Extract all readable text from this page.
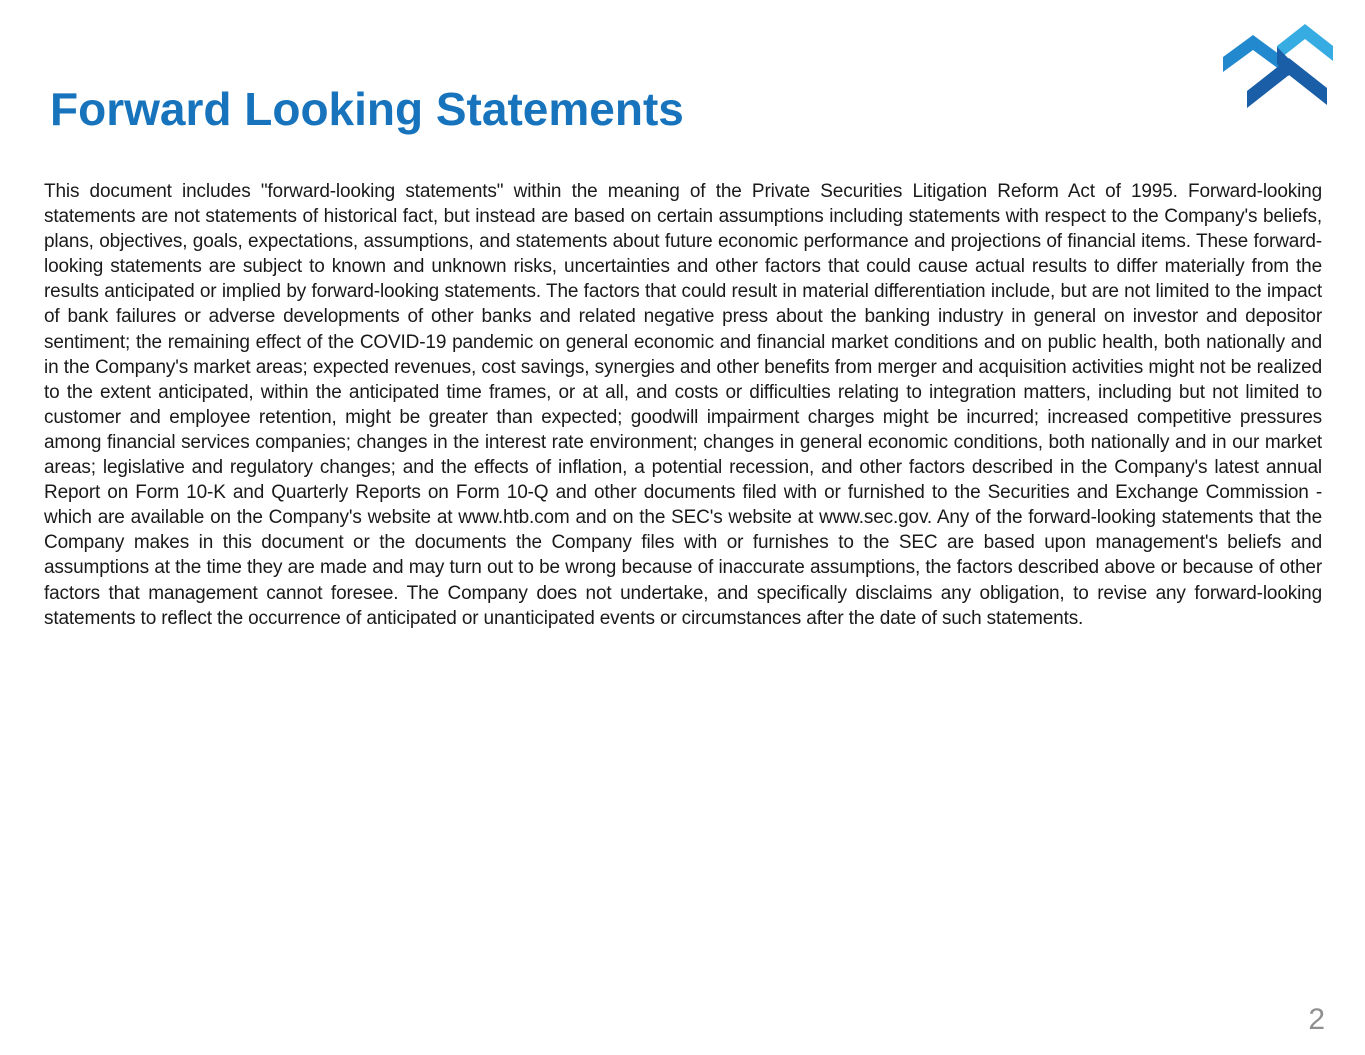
Forward Looking Statements

This document includes "forward-looking statements" within the meaning of the Private Securities Litigation Reform Act of 1995. Forward-looking statements are not statements of historical fact, but instead are based on certain assumptions including statements with respect to the Company's beliefs, plans, objectives, goals, expectations, assumptions, and statements about future economic performance and projections of financial items. These forward-looking statements are subject to known and unknown risks, uncertainties and other factors that could cause actual results to differ materially from the results anticipated or implied by forward-looking statements. The factors that could result in material differentiation include, but are not limited to the impact of bank failures or adverse developments of other banks and related negative press about the banking industry in general on investor and depositor sentiment; the remaining effect of the COVID-19 pandemic on general economic and financial market conditions and on public health, both nationally and in the Company's market areas; expected revenues, cost savings, synergies and other benefits from merger and acquisition activities might not be realized to the extent anticipated, within the anticipated time frames, or at all, and costs or difficulties relating to integration matters, including but not limited to customer and employee retention, might be greater than expected; goodwill impairment charges might be incurred; increased competitive pressures among financial services companies; changes in the interest rate environment; changes in general economic conditions, both nationally and in our market areas; legislative and regulatory changes; and the effects of inflation, a potential recession, and other factors described in the Company's latest annual Report on Form 10-K and Quarterly Reports on Form 10-Q and other documents filed with or furnished to the Securities and Exchange Commission - which are available on the Company's website at www.htb.com and on the SEC's website at www.sec.gov. Any of the forward-looking statements that the Company makes in this document or the documents the Company files with or furnishes to the SEC are based upon management's beliefs and assumptions at the time they are made and may turn out to be wrong because of inaccurate assumptions, the factors described above or because of other factors that management cannot foresee. The Company does not undertake, and specifically disclaims any obligation, to revise any forward-looking statements to reflect the occurrence of anticipated or unanticipated events or circumstances after the date of such statements.

2
